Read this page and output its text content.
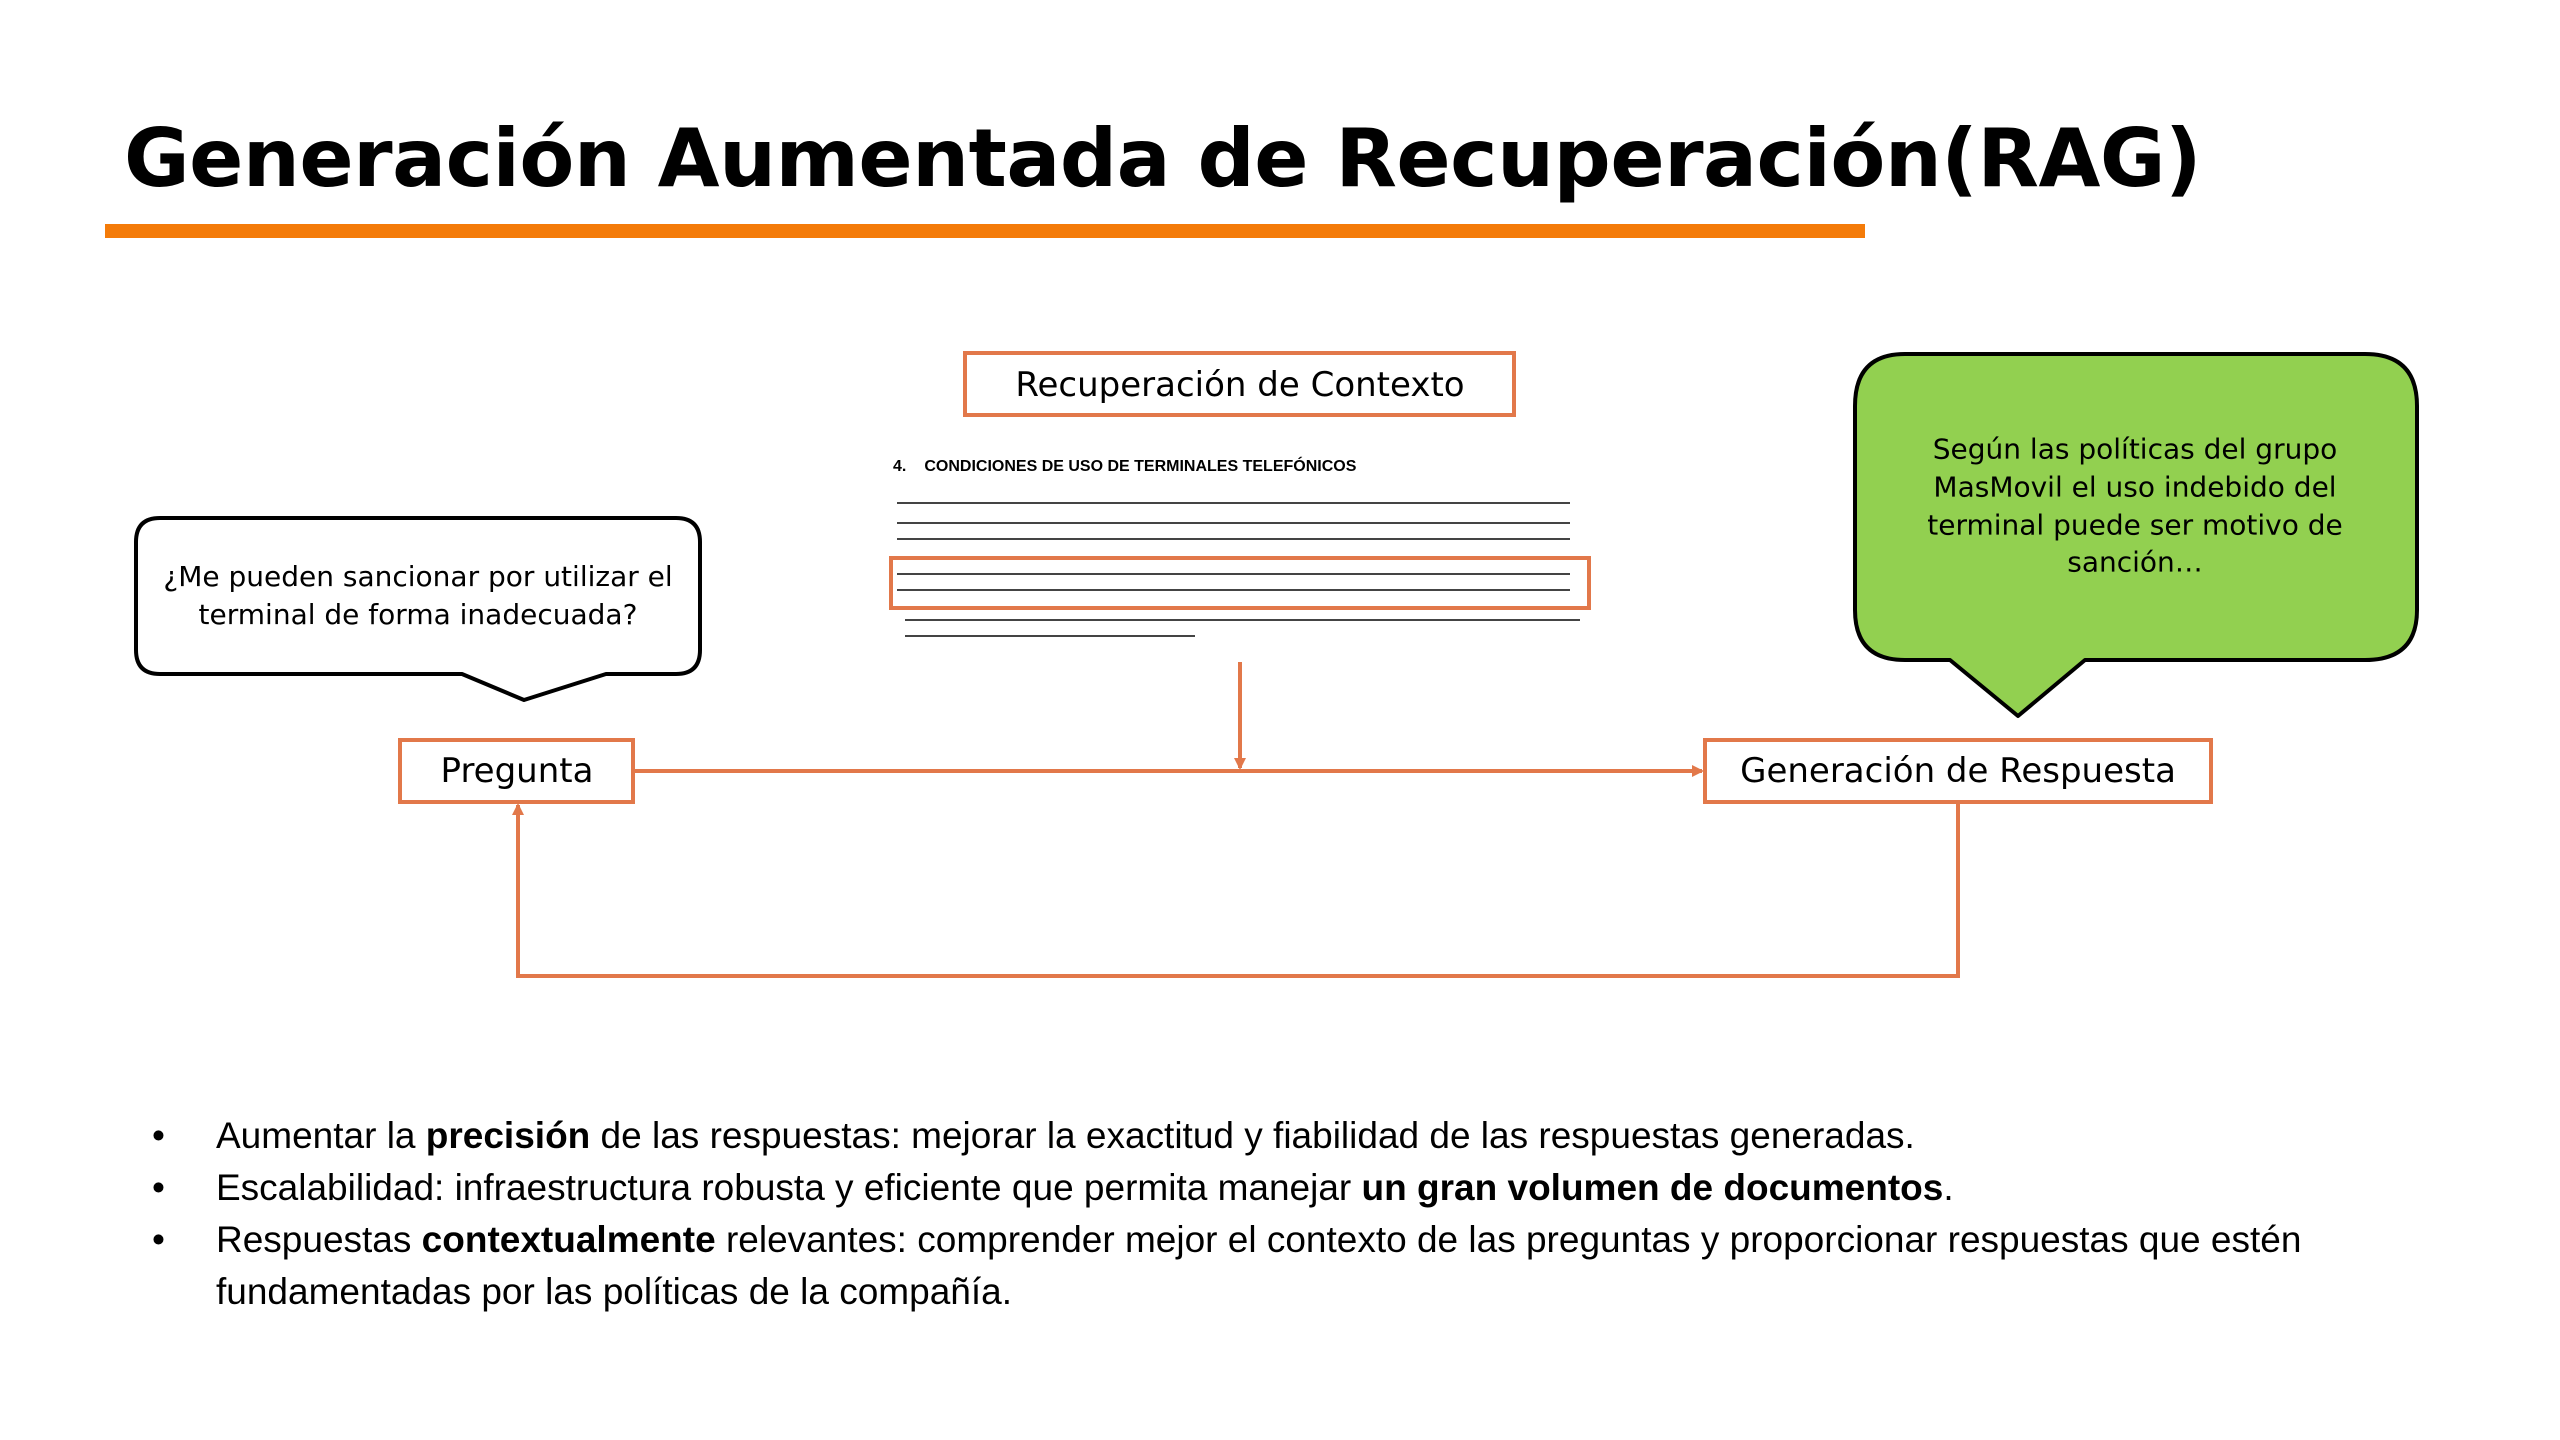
Generación Aumentada de Recuperación(RAG)
Recuperación de Contexto
Pregunta	Generación de Respuesta
¿Me pueden sancionar por utilizar el
terminal de forma inadecuada?
Según las políticas del grupo
MasMovil el uso indebido del
terminal puede ser motivo de
sanción…
4. CONDICIONES DE USO DE TERMINALES TELEFÓNICOS
• Aumentar la precisión de las respuestas: mejorar la exactitud y fiabilidad de las respuestas generadas.
• Escalabilidad: infraestructura robusta y eficiente que permita manejar un gran volumen de documentos.
• Respuestas contextualmente relevantes: comprender mejor el contexto de las preguntas y proporcionar respuestas que estén fundamentadas por las políticas de la compañía.
